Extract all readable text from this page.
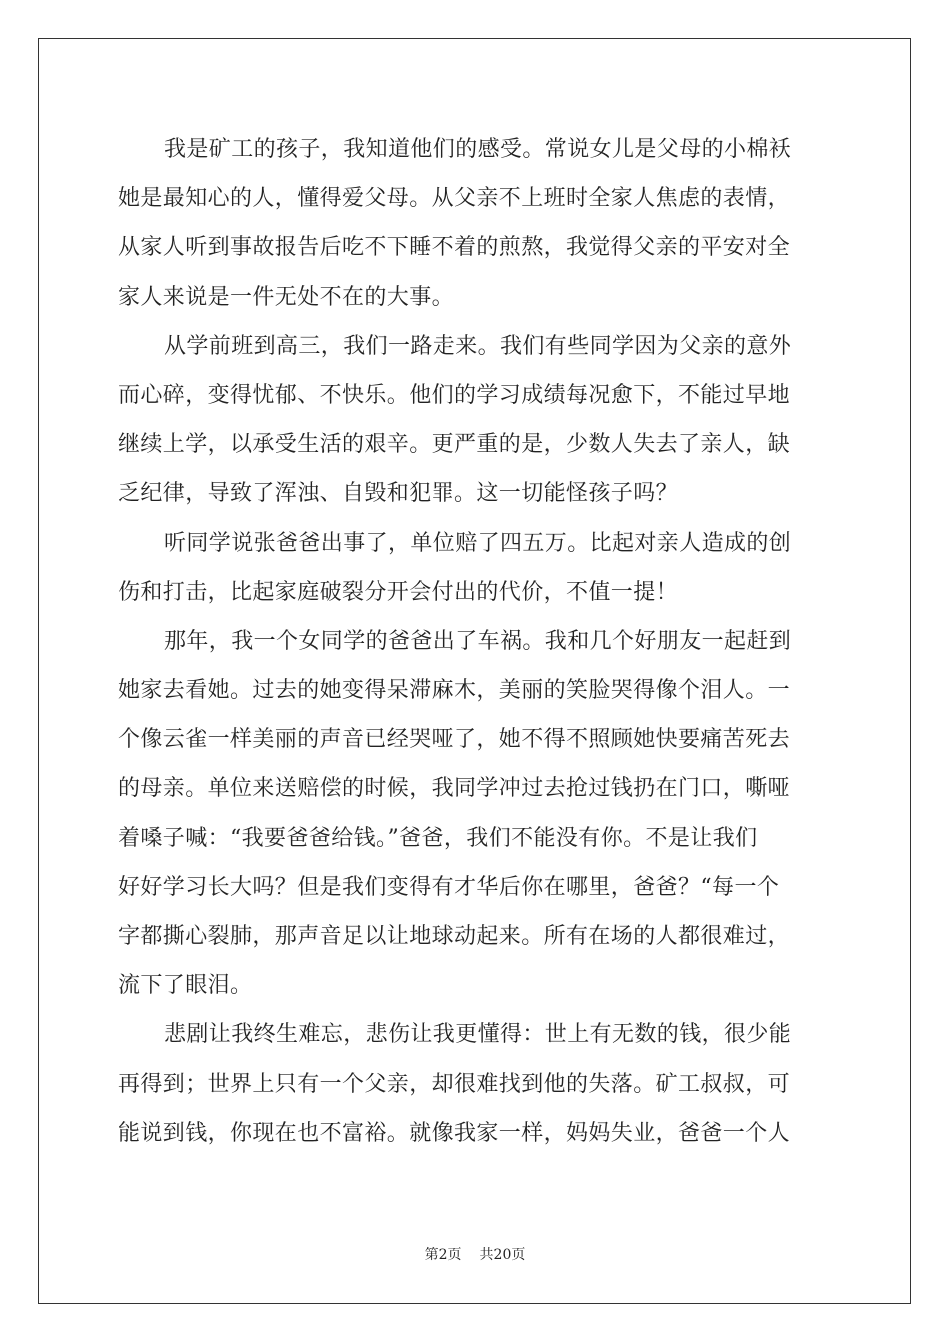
我是矿工的孩子，我知道他们的感受。常说女儿是父母的小棉袄
她是最知心的人，懂得爱父母。从父亲不上班时全家人焦虑的表情，
从家人听到事故报告后吃不下睡不着的煎熬，我觉得父亲的平安对全
家人来说是一件无处不在的大事。
从学前班到高三，我们一路走来。我们有些同学因为父亲的意外
而心碎，变得忧郁、不快乐。他们的学习成绩每况愈下，不能过早地
继续上学，以承受生活的艰辛。更严重的是，少数人失去了亲人，缺
乏纪律，导致了浑浊、自毁和犯罪。这一切能怪孩子吗？
听同学说张爸爸出事了，单位赔了四五万。比起对亲人造成的创
伤和打击，比起家庭破裂分开会付出的代价，不值一提！
那年，我一个女同学的爸爸出了车祸。我和几个好朋友一起赶到
她家去看她。过去的她变得呆滞麻木，美丽的笑脸哭得像个泪人。一
个像云雀一样美丽的声音已经哭哑了，她不得不照顾她快要痛苦死去
的母亲。单位来送赔偿的时候，我同学冲过去抢过钱扔在门口，嘶哑
着嗓子喊：“我要爸爸给钱。”爸爸，我们不能没有你。不是让我们
好好学习长大吗？但是我们变得有才华后你在哪里，爸爸？“每一个
字都撕心裂肺，那声音足以让地球动起来。所有在场的人都很难过，
流下了眼泪。
悲剧让我终生难忘，悲伤让我更懂得：世上有无数的钱，很少能
再得到；世界上只有一个父亲，却很难找到他的失落。矿工叔叔，可
能说到钱，你现在也不富裕。就像我家一样，妈妈失业，爸爸一个人
第2页 共20页
